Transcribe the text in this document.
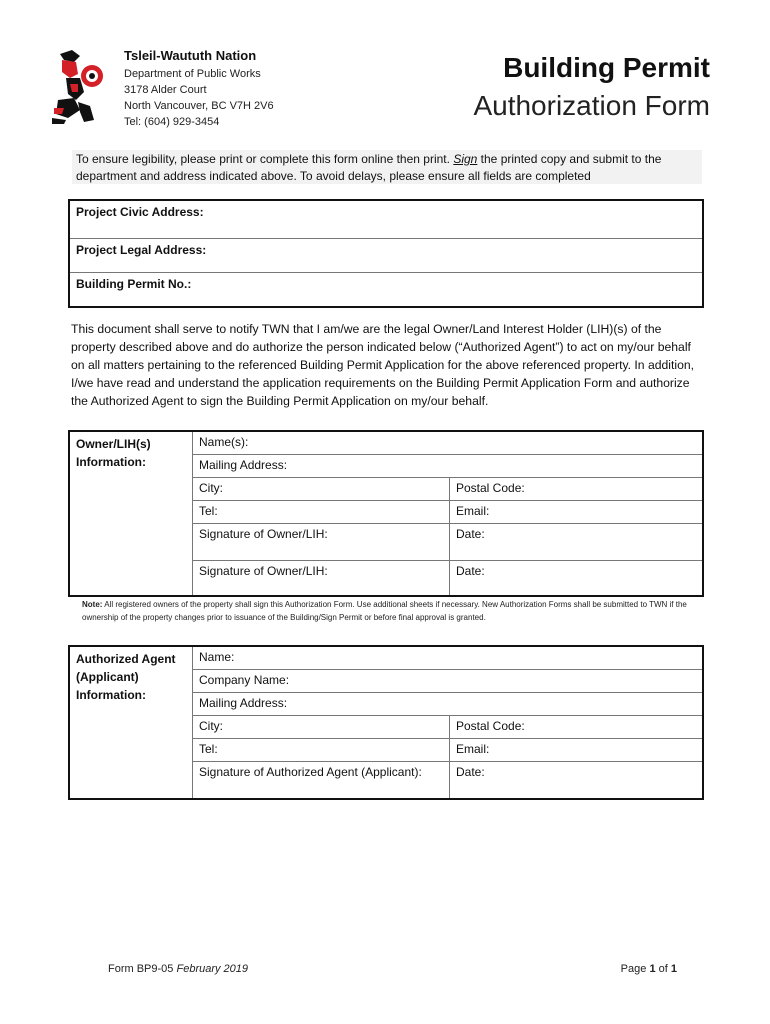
Tsleil-Waututh Nation
Department of Public Works
3178 Alder Court
North Vancouver, BC V7H 2V6
Tel: (604) 929-3454
Building Permit
Authorization Form
To ensure legibility, please print or complete this form online then print. Sign the printed copy and submit to the department and address indicated above. To avoid delays, please ensure all fields are completed
Project Civic Address:
Project Legal Address:
Building Permit No.:
This document shall serve to notify TWN that I am/we are the legal Owner/Land Interest Holder (LIH)(s) of the property described above and do authorize the person indicated below (“Authorized Agent”) to act on my/our behalf on all matters pertaining to the referenced Building Permit Application for the above referenced property. In addition, I/we have read and understand the application requirements on the Building Permit Application Form and authorize the Authorized Agent to sign the Building Permit Application on my/our behalf.
Owner/LIH(s)
Information:	Name(s):	
	Mailing Address:	
	City:	Postal Code:
	Tel:	Email:
	Signature of Owner/LIH:	Date:
	Signature of Owner/LIH:	Date:
Note: All registered owners of the property shall sign this Authorization Form. Use additional sheets if necessary. New Authorization Forms shall be submitted to TWN if the ownership of the property changes prior to issuance of the Building/Sign Permit or before final approval is granted.
Authorized Agent
(Applicant)
Information:	Name:	
	Company Name:	
	Mailing Address:	
	City:	Postal Code:
	Tel:	Email:
	Signature of Authorized Agent (Applicant):	Date:
Form BP9-05 February 2019	Page 1 of 1
